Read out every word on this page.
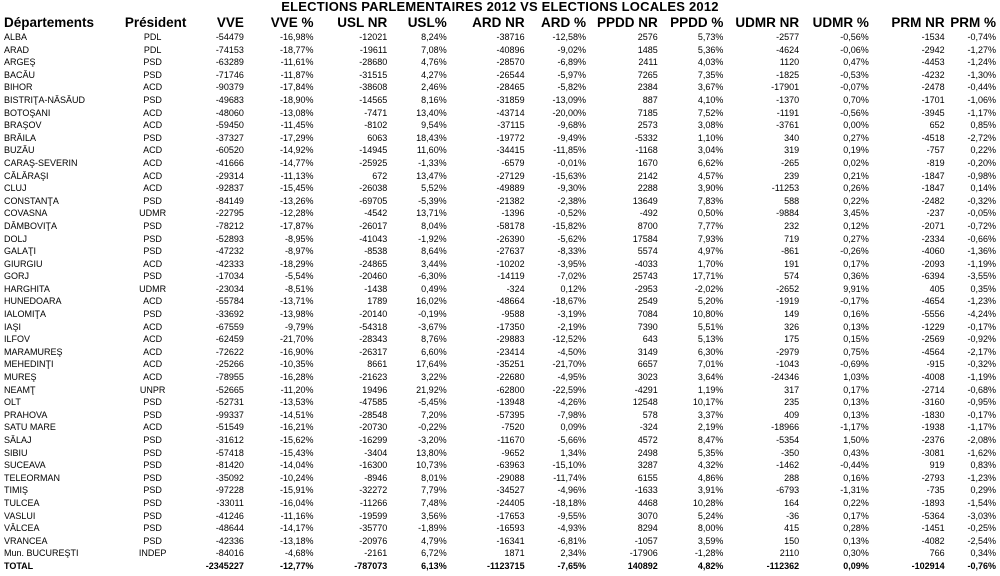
ELECTIONS PARLEMENTAIRES 2012 VS ELECTIONS LOCALES 2012
Départements	Président	VVE	VVE %	USL NR	USL%	ARD NR	ARD %	PPDD NR	PPDD %	UDMR NR	UDMR %	PRM NR	PRM %
ALBA	PDL	-54479	-16,98%	-12021	8,24%	-38716	-12,58%	2576	5,73%	-2577	-0,56%	-1534	-0,74%
ARAD	PDL	-74153	-18,77%	-19611	7,08%	-40896	-9,02%	1485	5,36%	-4624	-0,06%	-2942	-1,27%
ARGEŞ	PSD	-63289	-11,61%	-28680	4,76%	-28570	-6,89%	2411	4,03%	1120	0,47%	-4453	-1,24%
BACĂU	PSD	-71746	-11,87%	-31515	4,27%	-26544	-5,97%	7265	7,35%	-1825	-0,53%	-4232	-1,30%
BIHOR	ACD	-90379	-17,84%	-38608	2,46%	-28465	-5,82%	2384	3,67%	-17901	-0,07%	-2478	-0,44%
BISTRIŢA-NĂSĂUD	PSD	-49683	-18,90%	-14565	8,16%	-31859	-13,09%	887	4,10%	-1370	0,70%	-1701	-1,06%
BOTOŞANI	ACD	-48060	-13,08%	-7471	13,40%	-43714	-20,00%	7185	7,52%	-1191	-0,56%	-3945	-1,17%
BRAŞOV	ACD	-59450	-11,45%	-8102	9,54%	-37115	-9,68%	2573	3,08%	-3761	0,00%	652	0,85%
BRĂILA	PSD	-37327	-17,29%	6063	18,43%	-19772	-9,49%	-5332	1,10%	340	0,27%	-4518	-2,72%
BUZĂU	ACD	-60520	-14,92%	-14945	11,60%	-34415	-11,85%	-1168	3,04%	319	0,19%	-757	0,22%
CARAŞ-SEVERIN	ACD	-41666	-14,77%	-25925	-1,33%	-6579	-0,01%	1670	6,62%	-265	0,02%	-819	-0,20%
CĂLĂRAŞI	ACD	-29314	-11,13%	672	13,47%	-27129	-15,63%	2142	4,57%	239	0,21%	-1847	-0,98%
CLUJ	ACD	-92837	-15,45%	-26038	5,52%	-49889	-9,30%	2288	3,90%	-11253	0,26%	-1847	0,14%
CONSTANŢA	PSD	-84149	-13,26%	-69705	-5,39%	-21382	-2,38%	13649	7,83%	588	0,22%	-2482	-0,32%
COVASNA	UDMR	-22795	-12,28%	-4542	13,71%	-1396	-0,52%	-492	0,50%	-9884	3,45%	-237	-0,05%
DÂMBOVIŢA	PSD	-78212	-17,87%	-26017	8,04%	-58178	-15,82%	8700	7,77%	232	0,12%	-2071	-0,72%
DOLJ	PSD	-52893	-8,95%	-41043	-1,92%	-26390	-5,62%	17584	7,93%	719	0,27%	-2334	-0,66%
GALAŢI	PSD	-47232	-8,97%	-8538	8,64%	-27637	-8,33%	5574	4,97%	-861	-0,26%	-4060	-1,36%
GIURGIU	ACD	-42333	-18,29%	-24865	3,44%	-10202	-3,95%	-4033	1,70%	191	0,17%	-2093	-1,19%
GORJ	PSD	-17034	-5,54%	-20460	-6,30%	-14119	-7,02%	25743	17,71%	574	0,36%	-6394	-3,55%
HARGHITA	UDMR	-23034	-8,51%	-1438	0,49%	-324	0,12%	-2953	-2,02%	-2652	9,91%	405	0,35%
HUNEDOARA	ACD	-55784	-13,71%	1789	16,02%	-48664	-18,67%	2549	5,20%	-1919	-0,17%	-4654	-1,23%
IALOMIŢA	PSD	-33692	-13,98%	-20140	-0,19%	-9588	-3,19%	7084	10,80%	149	0,16%	-5556	-4,24%
IAŞI	ACD	-67559	-9,79%	-54318	-3,67%	-17350	-2,19%	7390	5,51%	326	0,13%	-1229	-0,17%
ILFOV	ACD	-62459	-21,70%	-28343	8,76%	-29883	-12,52%	643	5,13%	175	0,15%	-2569	-0,92%
MARAMUREŞ	ACD	-72622	-16,90%	-26317	6,60%	-23414	-4,50%	3149	6,30%	-2979	0,75%	-4564	-2,17%
MEHEDINŢI	ACD	-25266	-10,35%	8661	17,64%	-35251	-21,70%	6657	7,01%	-1043	-0,69%	-915	-0,32%
MUREŞ	ACD	-78955	-16,28%	-21623	3,22%	-22680	-4,95%	3023	3,64%	-24346	1,03%	-4008	-1,19%
NEAMŢ	UNPR	-52665	-11,20%	19496	21,92%	-62800	-22,59%	-4291	1,19%	317	0,17%	-2714	-0,68%
OLT	PSD	-52731	-13,53%	-47585	-5,45%	-13948	-4,26%	12548	10,17%	235	0,13%	-3160	-0,95%
PRAHOVA	PSD	-99337	-14,51%	-28548	7,20%	-57395	-7,98%	578	3,37%	409	0,13%	-1830	-0,17%
SATU MARE	ACD	-51549	-16,21%	-20730	-0,22%	-7520	0,09%	-324	2,19%	-18966	-1,17%	-1938	-1,17%
SĂLAJ	PSD	-31612	-15,62%	-16299	-3,20%	-11670	-5,66%	4572	8,47%	-5354	1,50%	-2376	-2,08%
SIBIU	PSD	-57418	-15,43%	-3404	13,80%	-9652	1,34%	2498	5,35%	-350	0,43%	-3081	-1,62%
SUCEAVA	PSD	-81420	-14,04%	-16300	10,73%	-63963	-15,10%	3287	4,32%	-1462	-0,44%	919	0,83%
TELEORMAN	PSD	-35092	-10,24%	-8946	8,01%	-29088	-11,74%	6155	4,86%	288	0,16%	-2793	-1,23%
TIMIŞ	PSD	-97228	-15,91%	-32272	7,79%	-34527	-4,96%	-1633	3,91%	-6793	-1,31%	-735	0,29%
TULCEA	PSD	-33011	-16,04%	-11266	7,48%	-24405	-18,18%	4468	10,28%	164	0,22%	-1893	-1,54%
VASLUI	PSD	-41246	-11,16%	-19599	3,56%	-17653	-9,55%	3070	5,24%	-36	0,17%	-5364	-3,03%
VÂLCEA	PSD	-48644	-14,17%	-35770	-1,89%	-16593	-4,93%	8294	8,00%	415	0,28%	-1451	-0,25%
VRANCEA	PSD	-42336	-13,18%	-20976	4,79%	-16341	-6,81%	-1057	3,59%	150	0,13%	-4082	-2,54%
Mun. BUCUREŞTI	INDEP	-84016	-4,68%	-2161	6,72%	1871	2,34%	-17906	-1,28%	2110	0,30%	766	0,34%
TOTAL		-2345227	-12,77%	-787073	6,13%	-1123715	-7,65%	140892	4,82%	-112362	0,09%	-102914	-0,76%
